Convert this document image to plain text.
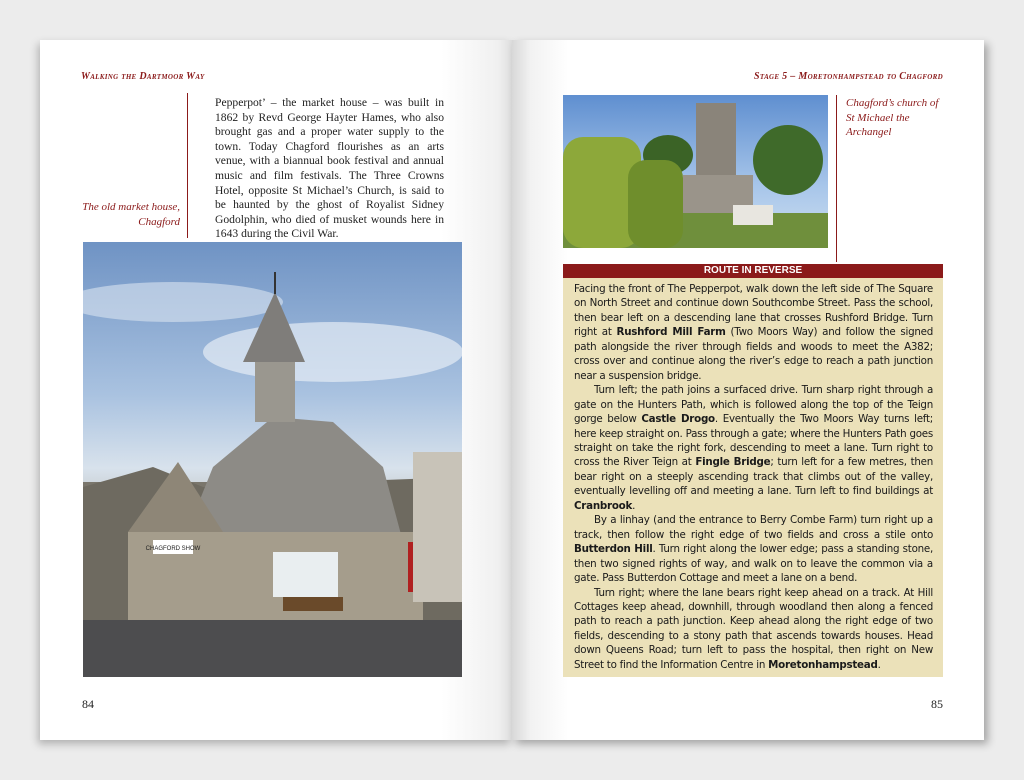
Walking the Dartmoor Way
The old market house, Chagford
Pepperpot’ – the market house – was built in 1862 by Revd George Hayter Hames, who also brought gas and a proper water supply to the town. Today Chagford flourishes as an arts venue, with a biannual book festival and annual music and film festivals. The Three Crowns Hotel, opposite St Michael’s Church, is said to be haunted by the ghost of Royalist Sidney Godolphin, who died of musket wounds here in 1643 during the Civil War.
CHAGFORD SHOW
84
Stage 5 – Moretonhampstead to Chagford
Chagford’s church of St Michael the Archangel
ROUTE IN REVERSE

Facing the front of The Pepperpot, walk down the left side of The Square on North Street and continue down Southcombe Street. Pass the school, then bear left on a descending lane that crosses Rushford Bridge. Turn right at Rushford Mill Farm (Two Moors Way) and follow the signed path alongside the river through fields and woods to meet the A382; cross over and continue along the river’s edge to reach a path junction near a suspension bridge.

Turn left; the path joins a surfaced drive. Turn sharp right through a gate on the Hunters Path, which is followed along the top of the Teign gorge below Castle Drogo. Eventually the Two Moors Way turns left; here keep straight on. Pass through a gate; where the Hunters Path goes straight on take the right fork, descending to meet a lane. Turn right to cross the River Teign at Fingle Bridge; turn left for a few metres, then bear right on a steeply ascending track that climbs out of the valley, eventually levelling off and meeting a lane. Turn left to find buildings at Cranbrook.

By a linhay (and the entrance to Berry Combe Farm) turn right up a track, then follow the right edge of two fields and cross a stile onto Butterdon Hill. Turn right along the lower edge; pass a standing stone, then two signed rights of way, and walk on to leave the common via a gate. Pass Butterdon Cottage and meet a lane on a bend.

Turn right; where the lane bears right keep ahead on a track. At Hill Cottages keep ahead, downhill, through woodland then along a fenced path to reach a path junction. Keep ahead along the right edge of two fields, descending to a stony path that ascends towards houses. Head down Queens Road; turn left to pass the hospital, then right on New Street to find the Information Centre in Moretonhampstead.

85
